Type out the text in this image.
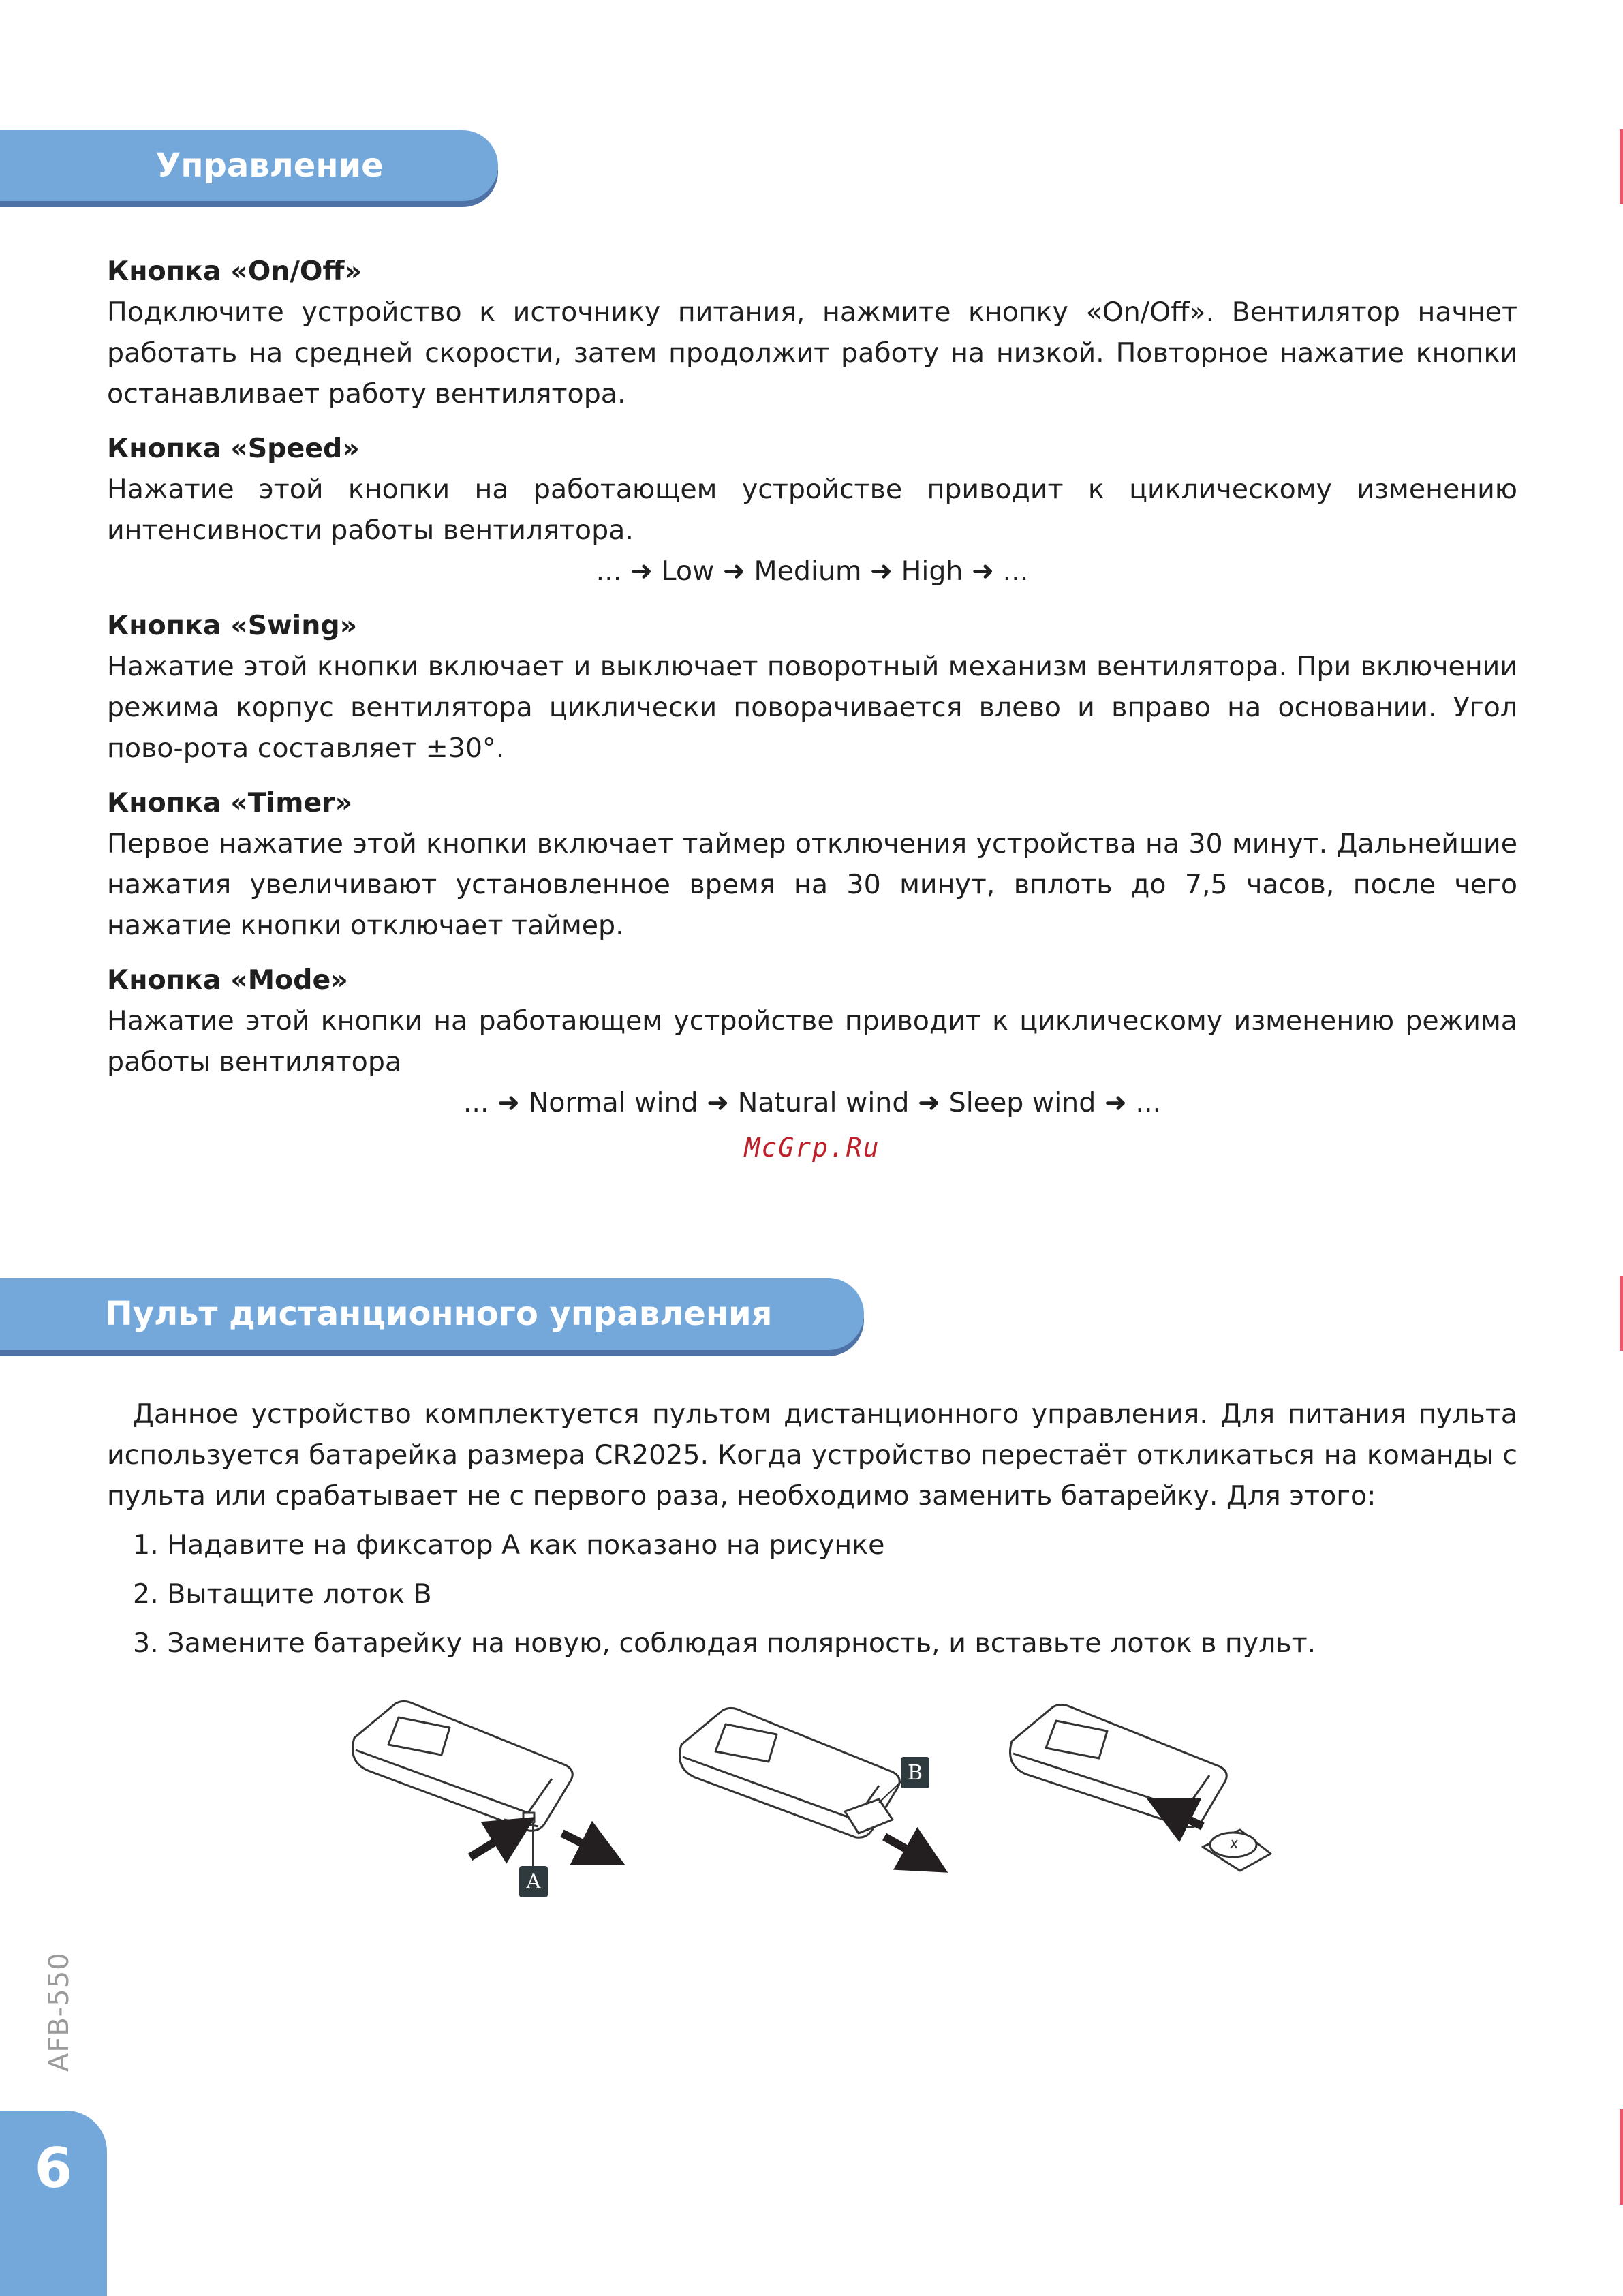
Управление
Кнопка «On/Off»
Подключите устройство к источнику питания, нажмите кнопку «On/Off». Вентилятор начнет работать на средней скорости, затем продолжит работу на низкой. Повторное нажатие кнопки останавливает работу вентилятора.
Кнопка «Speed»
Нажатие этой кнопки на работающем устройстве приводит к циклическому изменению интенсивности работы вентилятора.
... ➜ Low ➜ Medium ➜ High ➜ ...
Кнопка «Swing»
Нажатие этой кнопки включает и выключает поворотный механизм вентилятора. При включении режима корпус вентилятора циклически поворачивается влево и вправо на основании. Угол пово-рота составляет ±30°.
Кнопка «Timer»
Первое нажатие этой кнопки включает таймер отключения устройства на 30 минут. Дальнейшие нажатия увеличивают установленное время на 30 минут, вплоть до 7,5 часов, после чего нажатие кнопки отключает таймер.
Кнопка «Mode»
Нажатие этой кнопки на работающем устройстве приводит к циклическому изменению режима работы вентилятора
... ➜ Normal wind ➜ Natural wind ➜ Sleep wind ➜ ...
McGrp.Ru
Пульт дистанционного управления
Данное устройство комплектуется пультом дистанционного управления. Для питания пульта используется батарейка размера CR2025. Когда устройство перестаёт откликаться на команды с пульта или срабатывает не с первого раза, необходимо заменить батарейку. Для этого:
1. Надавите на фиксатор А как показано на рисунке
2. Вытащите лоток В
3. Замените батарейку на новую, соблюдая полярность, и вставьте лоток в пульт.
A
B
AFB-550
6
